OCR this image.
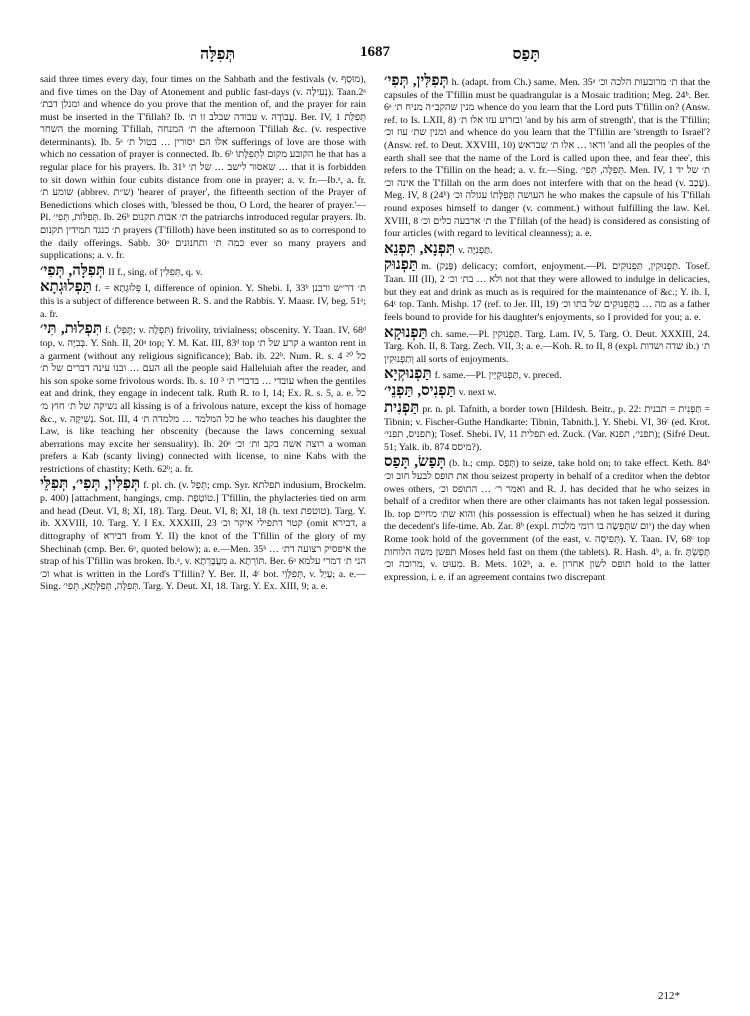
תְּפִלָּה	1687	תָּפַס

said three times every day, four times on the Sabbath and the festivals (v. מוּסָף), and five times on the Day of Atonement and public fast-days (v. נְעִילָה). Taan.2ᵃ ומנלן דבת׳ and whence do you prove that the mention of, and the prayer for rain must be inserted in the T'fillah? Ib. עבודה שבלב זו ת׳ v. עֲבוֹדָה. Ber. IV, 1 תְּפִלַּת השחר the morning T'fillah, ת׳ המנחה the afternoon T'fillah &c. (v. respective determinants). Ib. 5ᵃ אלו הם יסורין … בטול ת׳ sufferings of love are those with which no cessation of prayer is connected. Ib. 6ᵇ הקובע מקום לִתְפִלָּתוֹ he that has a regular place for his prayers. Ib. 31ᵇ שאסור לישב … של ת׳ … that it is forbidden to sit down within four cubits distance from one in prayer; a. v. fr.—Ib.ᵃ, a. fr. שומע ת׳ (abbrev. ש״ת) 'hearer of prayer', the fifteenth section of the Prayer of Benedictions which closes with, 'blessed be thou, O Lord, the hearer of prayer.'—Pl. תְּפִלּוֹת, תְּפִי׳. Ib. 26ᵇ ת׳ אבות תקנום the patriarchs introduced regular prayers. Ib. ת׳ כנגד תמידין תקנום prayers (T'filloth) have been instituted so as to correspond to the daily offerings. Sabb. 30ᵃ כמה ת׳ ותחנונים ever so many prayers and supplications; a. v. fr.

תְּפִלָּה, תְּפִי׳ II f., sing. of תְּפִלִּין, q. v.

תַּפְלוּגְתָא f. = פְּלוּגְתָא I, difference of opinion. Y. Shebi. I, 33ᵇ ת׳ דר״ש ורבנן this is a subject of difference between R. S. and the Rabbis. Y. Maasr. IV, beg. 51ᵃ; a. fr.

תִּפְלוּת, תִּי׳ f. (תָּפֵל; v. תִּפְלָה) frivolity, trivialness; obscenity. Y. Taan. IV, 68ᵈ top, v. בְּבִיָּה. Y. Snh. II, 20ᵃ top; Y. M. Kat. III, 83ᵈ top קרע של ת׳ a wanton rent in a garment (without any religious significance); Bab. ib. 22ᵇ. Num. R. s. 4 ²⁰ כל העם … ובנו עינה דברים של ת׳ all the people said Halleluiah after the reader, and his son spoke some frivolous words. Ib. s. 10 ³ עובדי … בדברי ת׳ when the gentiles eat and drink, they engage in indecent talk. Ruth R. to I, 14; Ex. R. s. 5, a. e. כל נשיקה של ת׳ חוץ מ׳ all kissing is of a frivolous nature, except the kiss of homage &c., v. נְשִׁיקָה. Sot. III, 4 כל המלמד … מלמדה ת׳ he who teaches his daughter the Law, is like teaching her obscenity (because the laws concerning sexual aberrations may excite her sensuality). Ib. 20ᵃ רוצה אשה בקב ות׳ וכ׳ a woman prefers a Kab (scanty living) connected with license, to nine Kabs with the restrictions of chastity; Keth. 62ᵇ; a. fr.

תְּפִלִּין, תְּפִי׳, תְּפִלֵּי f. pl. ch. (v. תְּפַל; cmp. Syr. תפלתא indusium, Brockelm. p. 400) [attachment, hangings, cmp. טוֹטֶפֶת.] T'fillin, the phylacteries tied on arm and head (Deut. VI, 8; XI, 18). Targ. Deut. VI, 8; XI, 18 (h. text טוטפת). Targ. Y. ib. XXVIII, 10. Targ. Y. I Ex. XXXIII, 23 קטר דתפילי איקר וכ׳ (omit דבירא, a dittography of דבירא from Y. II) the knot of the T'fillin of the glory of my Shechinah (cmp. Ber. 6ᵃ, quoted below); a. e.—Men. 35ᵇ … איפסיק רצועה דת׳ the strap of his T'fillin was broken. Ib.ᵃ, v. מִעֲבָּרְתָא a. תּוֹרְתָא. Ber. 6ᵃ הני ת׳ דמרי עלמא וכ׳ what is written in the Lord's T'fillin? Y. Ber. II, 4ᶜ bot. תְּפִלְּוֵי, v. עָיַל; a. e.—Sing. תְּפִלָּה, תְּפִלְּתָא, תְּפִי׳. Targ. Y. Deut. XI, 18. Targ. Y. Ex. XIII, 9; a. e.

תְּפִלִּין, תְּפִי׳ h. (adapt. from Ch.) same. Men. 35ᵃ ת׳ מרובעות הלכה וכ׳ that the capsules of the T'fillin must be quadrangular is a Mosaic tradition; Meg. 24ᵇ. Ber. 6ᵃ מנין שהקב״ה מניח ת׳ whence do you learn that the Lord puts T'fillin on? (Answ. ref. to Is. LXII, 8) ובזרוע עזו אלו ת׳ 'and by his arm of strength', that is the T'fillin; ומנין שת׳ עוז וכ׳ and whence do you learn that the T'fillin are 'strength to Israel'? (Answ. ref. to Deut. XXVIII, 10) וראו … אלו ת׳ שבראש 'and all the peoples of the earth shall see that the name of the Lord is called upon thee, and fear thee', this refers to the T'fillin on the head; a. v. fr.—Sing. תְּפִלָּה, תְּפִי׳. Men. IV, 1 ת׳ של יד אינה וכ׳ the T'fillah on the arm does not interfere with that on the head (v. עָכַב). Meg. IV, 8 (24ᵇ) העושה תְּפִלָּתוֹ עגולה וכ׳ he who makes the capsule of his T'fillah round exposes himself to danger (v. comment.) without fulfilling the law. Kel. XVIII, 8 ת׳ ארבעה כלים וכ׳ the T'fillah (of the head) is considered as consisting of four articles (with regard to levitical cleanness); a. e.

תִּפְנָא, תִּפְנֵא v. תַּפְנִיָּה.

תַּפְנוּק m. (פָּנַק) delicacy; comfort, enjoyment.—Pl. תַּפְנוּקִין, תַּפְנוּקִים. Tosef. Taan. III (II), 2 ולא … בת׳ וכ׳ not that they were allowed to indulge in delicacies, but they eat and drink as much as is required for the maintenance of &c.; Y. ib. I, 64ᶜ top. Tanh. Mishp. 17 (ref. to Jer. III, 19) מה … בַּתַּפְנוּקִים של בתו וכ׳ as a father feels bound to provide for his daughter's enjoyments, so I provided for you; a. e.

תַּפְנוּקָא ch. same.—Pl. תַּפְנוּקִין. Targ. Lam. IV, 5. Targ. O. Deut. XXXIII, 24. Targ. Koh. II, 8. Targ. Zech. VII, 3; a. e.—Koh. R. to II, 8 (expl. שדה ושדות ib.) ת׳ וְתַפְנוּקִין all sorts of enjoyments.

תַּפְנוּקְיָא f. same.—Pl. תַּפְנוּקְיָין, v. preced.

תַּפְנִיס, תַּפְנֵי׳ v. next w.

תַּפְנִית pr. n. pl. Tafnith, a border town [Hildesh. Beitr., p. 22: תַּפְנִית = תבנית = Tibnin; v. Fischer-Guthe Handkarte: Tibnin, Tabnith.]. Y. Shebi. VI, 36ᶜ (ed. Krot. תפניס, תפני׳); Tosef. Shebi. IV, 11 תפלית ed. Zuck. (Var. תפני׳, תפנא); (Sifré Deut. 51; Yalk. ib. 874 מיסס?).

תָּפַשׂ, תָּפַס (b. h.; cmp. תָּפַס) to seize, take hold on; to take effect. Keth. 84ᵇ את תופס לבעל חוב וכ׳ thou seizest property in behalf of a creditor when the debtor owes others, ואמר ר׳ … התופס וכ׳ and R. J. has decided that he who seizes in behalf of a creditor when there are other claimants has not taken legal possession. Ib. top והוא שת׳ מחיים (his possession is effectual) when he has seized it during the decedent's life-time. Ab. Zar. 8ᵇ (expl. יום שתָּפְשָׂה בו רומי מלכות) the day when Rome took hold of the government (of the east, v. תְּפִיסָה). Y. Taan. IV, 68ᶜ top תפשן משה הלוחות Moses held fast on them (the tablets). R. Hash. 4ᵇ, a. fr. תָּפַשְׂתָּ מרובה וכ׳, v. מִעוּט. B. Mets. 102ᵇ, a. e. תופס לשון אחרון hold to the latter expression, i. e. if an agreement contains two discrepant

212*
